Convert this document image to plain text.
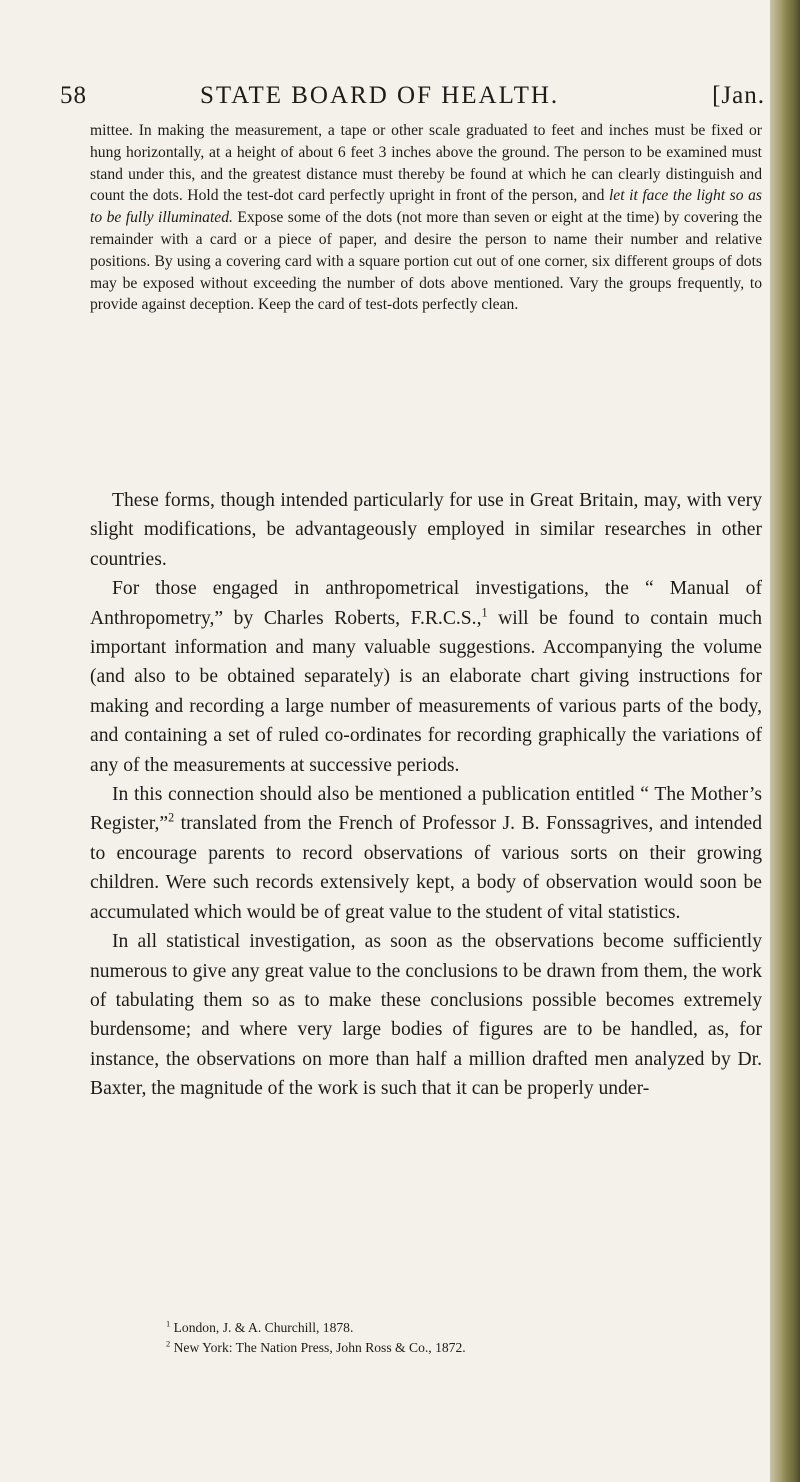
58	STATE BOARD OF HEALTH.	[Jan.

mittee. In making the measurement, a tape or other scale graduated to feet and inches must be fixed or hung horizontally, at a height of about 6 feet 3 inches above the ground. The person to be examined must stand under this, and the greatest distance must thereby be found at which he can clearly distinguish and count the dots. Hold the test-dot card perfectly upright in front of the person, and let it face the light so as to be fully illuminated. Expose some of the dots (not more than seven or eight at the time) by covering the remainder with a card or a piece of paper, and desire the person to name their number and relative positions. By using a covering card with a square portion cut out of one corner, six different groups of dots may be exposed without exceeding the number of dots above mentioned. Vary the groups frequently, to provide against deception. Keep the card of test-dots perfectly clean.

These forms, though intended particularly for use in Great Britain, may, with very slight modifications, be advantageously employed in similar researches in other countries.

For those engaged in anthropometrical investigations, the “ Manual of Anthropometry,” by Charles Roberts, F.R.C.S.,$^1$ will be found to contain much important information and many valuable suggestions. Accompanying the volume (and also to be obtained separately) is an elaborate chart giving instructions for making and recording a large number of measurements of various parts of the body, and containing a set of ruled co-ordinates for recording graphically the variations of any of the measurements at successive periods.

In this connection should also be mentioned a publication entitled “ The Mother’s Register,”$^2$ translated from the French of Professor J. B. Fonssagrives, and intended to encourage parents to record observations of various sorts on their growing children. Were such records extensively kept, a body of observation would soon be accumulated which would be of great value to the student of vital statistics.

In all statistical investigation, as soon as the observations become sufficiently numerous to give any great value to the conclusions to be drawn from them, the work of tabulating them so as to make these conclusions possible becomes extremely burdensome; and where very large bodies of figures are to be handled, as, for instance, the observations on more than half a million drafted men analyzed by Dr. Baxter, the magnitude of the work is such that it can be properly under-

$^1$ London, J. & A. Churchill, 1878.
$^2$ New York: The Nation Press, John Ross & Co., 1872.
